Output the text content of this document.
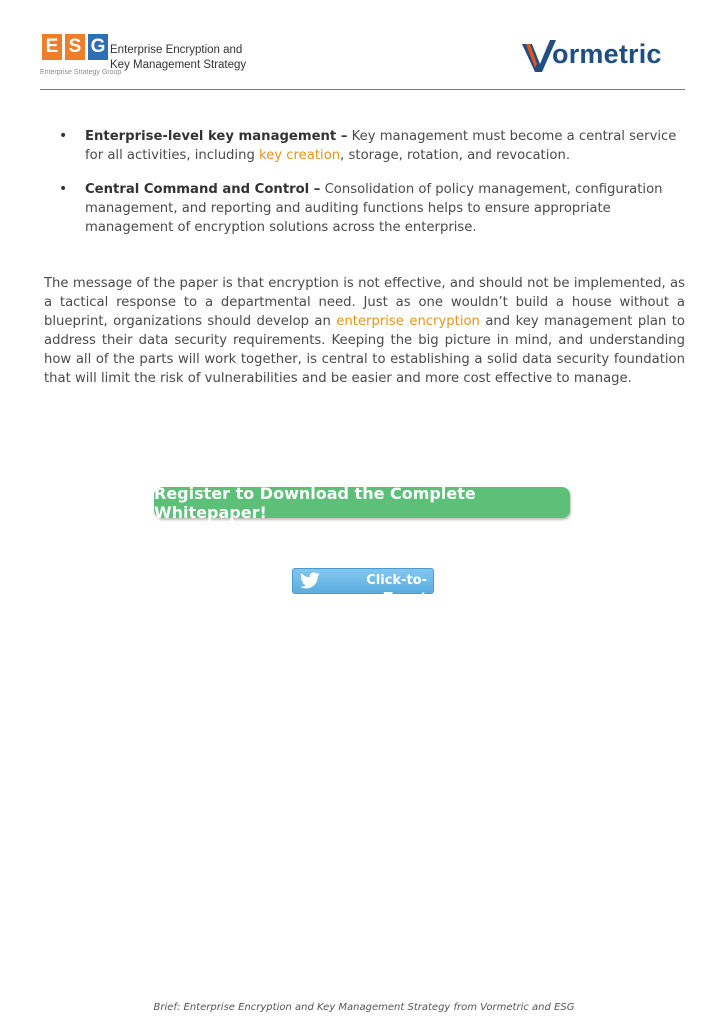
E S G
Enterprise Strategy Group
Enterprise Encryption and
Key Management Strategy	ormetric
• Enterprise-level key management – Key management must become a central service for all activities, including key creation, storage, rotation, and revocation.
• Central Command and Control – Consolidation of policy management, configuration management, and reporting and auditing functions helps to ensure appropriate management of encryption solutions across the enterprise.
The message of the paper is that encryption is not effective, and should not be implemented, as a tactical response to a departmental need. Just as one wouldn’t build a house without a blueprint, organizations should develop an enterprise encryption and key management plan to address their data security requirements. Keeping the big picture in mind, and understanding how all of the parts will work together, is central to establishing a solid data security foundation that will limit the risk of vulnerabilities and be easier and more cost effective to manage.
Register to Download the Complete Whitepaper!
Click-to-Tweet
Brief: Enterprise Encryption and Key Management Strategy from Vormetric and ESG
